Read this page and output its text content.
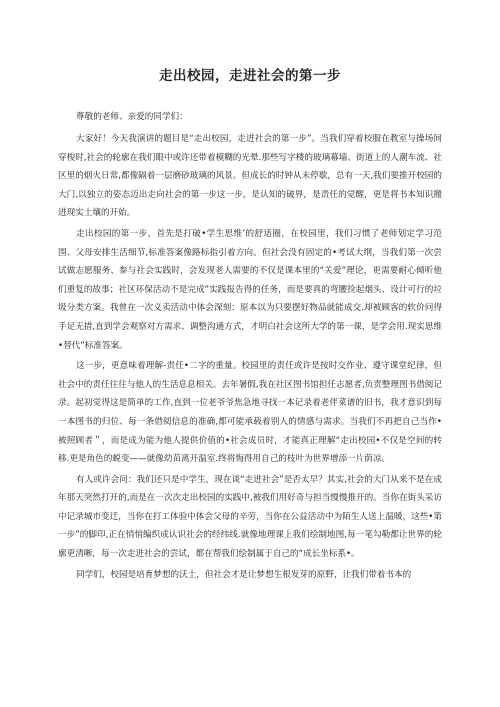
走出校园，走进社会的第一步

尊敬的老师、亲爱的同学们：

大家好！今天我演讲的题目是“走出校园，走进社会的第一步”。当我们穿着校服在教室与操场间穿梭时,社会的轮廓在我们眼中或许还带着模糊的光晕.那些写字楼的玻璃幕墙、街道上的人潮车流、社区里的烟火日常,都像隔着一层磨砂玻璃的风景。但成长的时钟从未停歇，总有一天,我们要推开校园的大门,以独立的姿态迈出走向社会的第一步这一步，是认知的破界，是责任的觉醒，更是将书本知识搬进现实土壤的开始。

走出校园的第一步，首先是打破•学生思维’的舒适圈，在校园里，我们习惯了老师划定学习范围、父母安排生活细节,标准答案像路标指引着方向。但社会没有固定的•考试大纲，当我们第一次尝试做志愿服务、参与社会实践时，会发现老人需要的不仅是课本里的“关爱”理论，更需要耐心倾听他们重复的故事；社区环保活动不是完成”实践报告得的任务，而是要真的弯腰捡起烟头、设计可行的垃圾分类方案。我曾在一次义卖活动中体会深刻：原本以为只要摆好物品就能成交.却被顾客的软价问得手足无措,直到学会观察对方需求、调整沟通方式，才明白社会这所大学的第一课，是学会用.现实思维•替代”标准答案。

这一步，更意味着理解-责任•二字的重量。校园里的责任或许是按时交作业、遵守课堂纪律，但社会中的责任往往与他人的生活息息相关。去年暑假,我在社区图书馆担任志愿者,负责整理图书借阅记录。起初觉得这是简单的工作,直到一位老爷爷焦急地寻找一本记录着老伴菜谱的旧书，我才意识到每一本图书的归位、每一条借阅信息的准确,都可能承载着别人的情感与需求。当我们不再把自己当作•被照顾者＂，而是成为能为他人提供价值的•社会成员时，才能真正理解“走出校园•不仅是空间的转移.更是角色的蜕变——就像幼苗离开温室.终将悔得用自己的枝叶为世界增添一片荫凉。

有人或许会问：我们还只是中学生，现在谈“走进社会”是否太早？其实,社会的大门从来不是在成年那天突然打开的,而是在一次次走出校园的实践中,被我们用好奇与担当慢慢推开的。当你在街头采访中记录城市变迁，当你在打工体验中体会父母的辛劳，当你在公益活动中为陌生人送上温暖，这些•第一步”的脚印,正在悄悄编织成认识社会的经纬线.就像地理课上我们绘制地图,每一笔勾勒都让世界的轮廓更清晰，每一次走进社会的尝试，都在帮我们绘制属于自己的“成长坐标系•。

同学们，校园是培育梦想的沃土，但社会才是让梦想生根发芽的原野，让我们带着书本的
